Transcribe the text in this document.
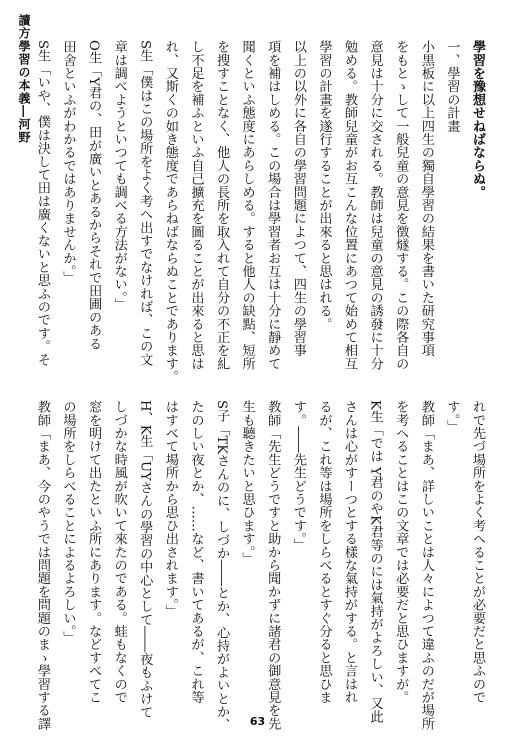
讀方學習の本義―河野	學習を豫想せねばならぬ。
一、學習の計畫
小黒板に以上四生の獨自學習の結果を書いた研究事項
をもとゝして一般兒童の意見を徴燧する。この際各自の
意見は十分に交される。教師は兒童の意見の誘發に十分
勉める。教師兒童がお互こんな位置にあつて始めて相互
學習の計畫を遂行することが出來ると思はれる。
以上の以外に各自の學習問題によつて、四生の學習事
項を補はしめる。この場合は學習者お互は十分に靜めて
聞くといふ態度にあらしめる。すると他人の缺點、短所
を搜すことなく、他人の長所を取入れて自分の不正を糺
し不足を補ふといふ自己擴充を圖ることが出來ると思は
れ、又斯くの如き態度であらねばならぬことであります。
S生「僕はこの場所をよく考へ出すでなければ、この文
章は調べようといつても調べる方法がない。」
O生「Y君の、田が廣いとあるからそれで田圃のある
田舍といふがわかるではありませんか。」
S生「いや、僕は決して田は廣くないと思ふのです。そ
れで先づ場所をよく考へることが必要だと思ふので
す。」
教師「まあ、詳しいことは人々によつて違ふのだが場所
を考へることはこの文章では必要だと思ひますが。
K生「では Y君のやK君等のには氣持がよろしい、又此
さんは心がすーつとする樣な氣持がする。と言はれ
るが、これ等は場所をしらべるとすぐ分ると思ひま
す。――先生どうです。」
教師「先生どうですと助から聞かずに諸君の御意見を先
生も聽きたいと思ひます。」
S子「TKさんのに、しづか――とか、心持がよいとか、
たのしい夜とか、……など、書いてあるが、これ等
はすべて場所から思ひ出されます。」
H、K生「UYさんの學習の中心として――夜もふけて
しづかな時風が吹いて來たのである。蛙もなくので
窓を明けて出たといふ所にあります。などすべてこ
の場所をしらべることによるよろしい。」
教師「まあ、今のやうでは問題を問題のまゝ學習する譯	63
